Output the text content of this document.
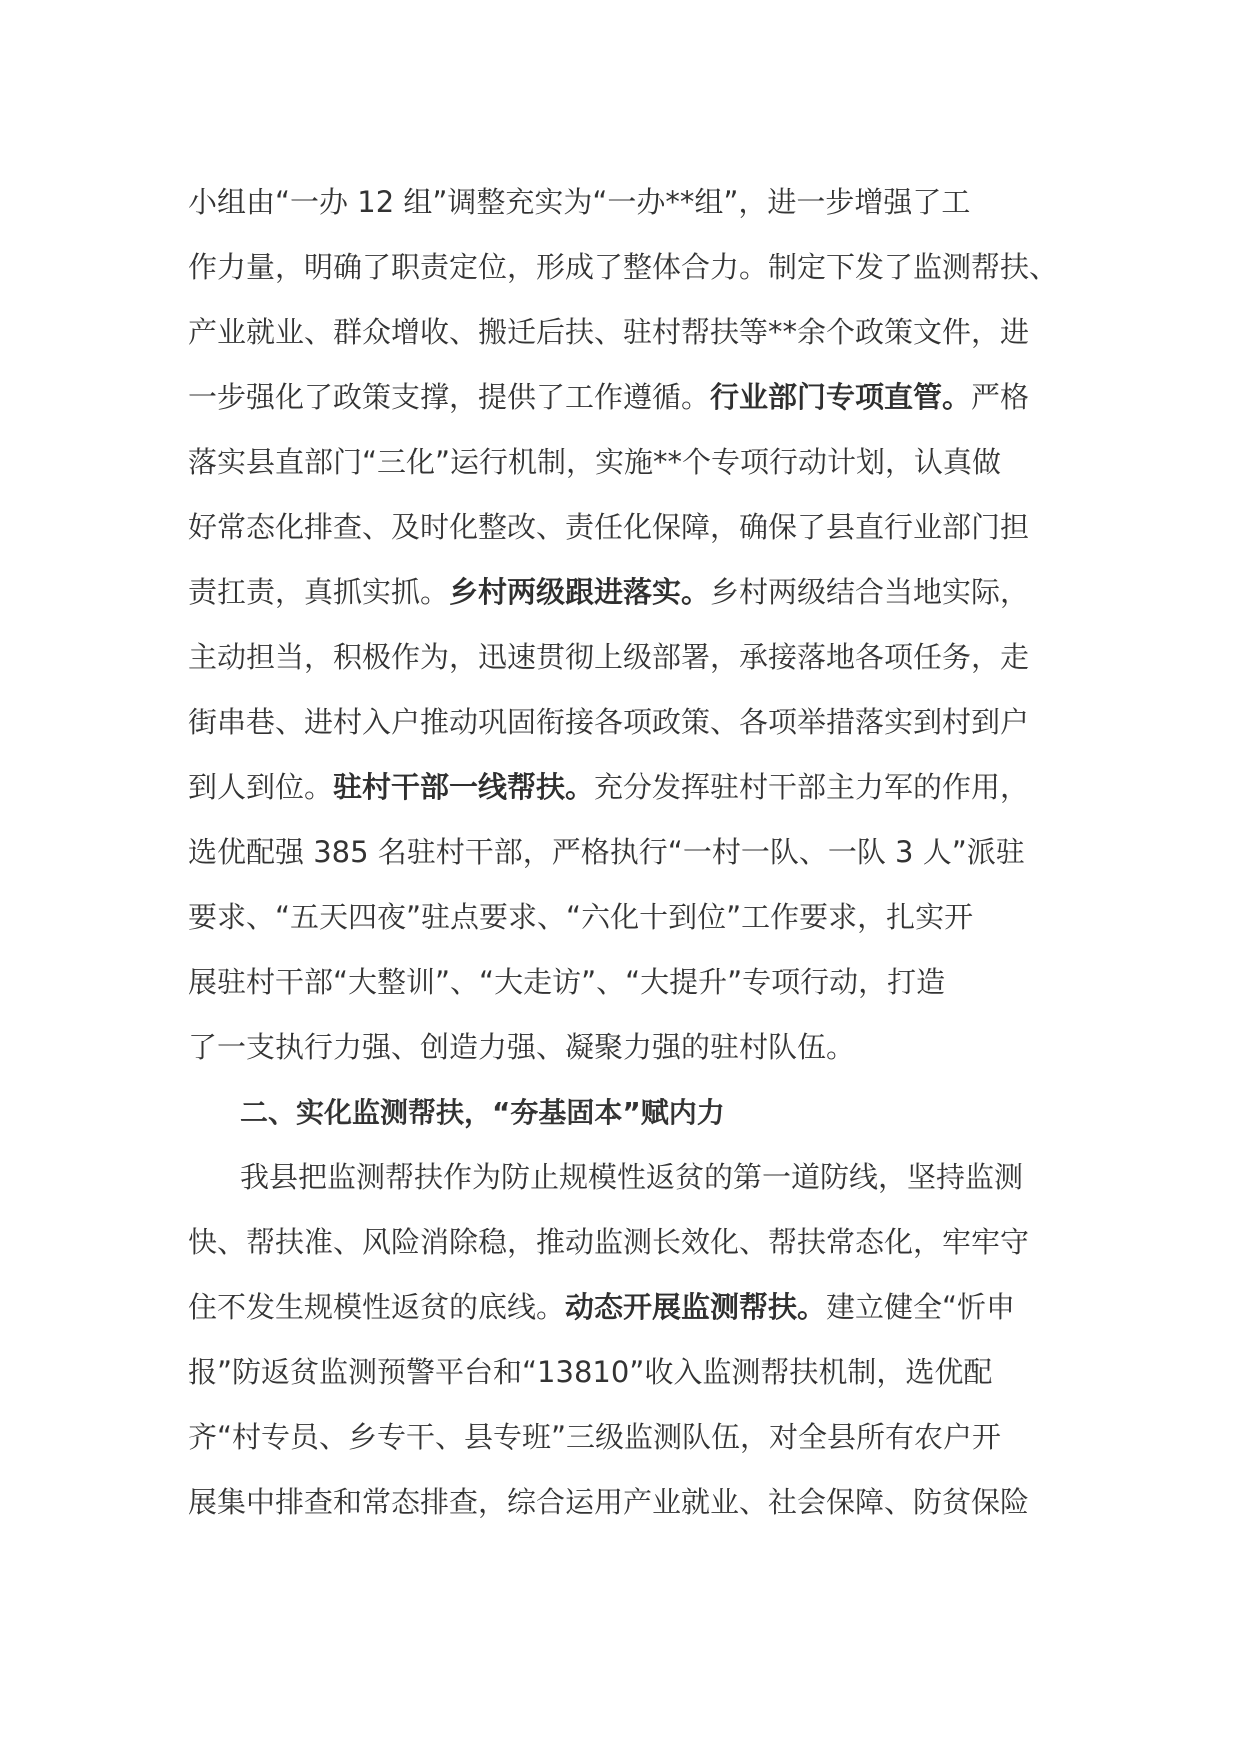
小组由“一办 12 组”调整充实为“一办**组”，进一步增强了工
作力量，明确了职责定位，形成了整体合力。制定下发了监测帮扶、
产业就业、群众增收、搬迁后扶、驻村帮扶等**余个政策文件，进
一步强化了政策支撑，提供了工作遵循。行业部门专项直管。严格
落实县直部门“三化”运行机制，实施**个专项行动计划，认真做
好常态化排查、及时化整改、责任化保障，确保了县直行业部门担
责扛责，真抓实抓。乡村两级跟进落实。乡村两级结合当地实际，
主动担当，积极作为，迅速贯彻上级部署，承接落地各项任务，走
街串巷、进村入户推动巩固衔接各项政策、各项举措落实到村到户
到人到位。驻村干部一线帮扶。充分发挥驻村干部主力军的作用，
选优配强 385 名驻村干部，严格执行“一村一队、一队 3 人”派驻
要求、“五天四夜”驻点要求、“六化十到位”工作要求，扎实开
展驻村干部“大整训”、“大走访”、“大提升”专项行动，打造
了一支执行力强、创造力强、凝聚力强的驻村队伍。
二、实化监测帮扶，“夯基固本”赋内力
我县把监测帮扶作为防止规模性返贫的第一道防线，坚持监测
快、帮扶准、风险消除稳，推动监测长效化、帮扶常态化，牢牢守
住不发生规模性返贫的底线。动态开展监测帮扶。建立健全“忻申
报”防返贫监测预警平台和“13810”收入监测帮扶机制，选优配
齐“村专员、乡专干、县专班”三级监测队伍，对全县所有农户开
展集中排查和常态排查，综合运用产业就业、社会保障、防贫保险
